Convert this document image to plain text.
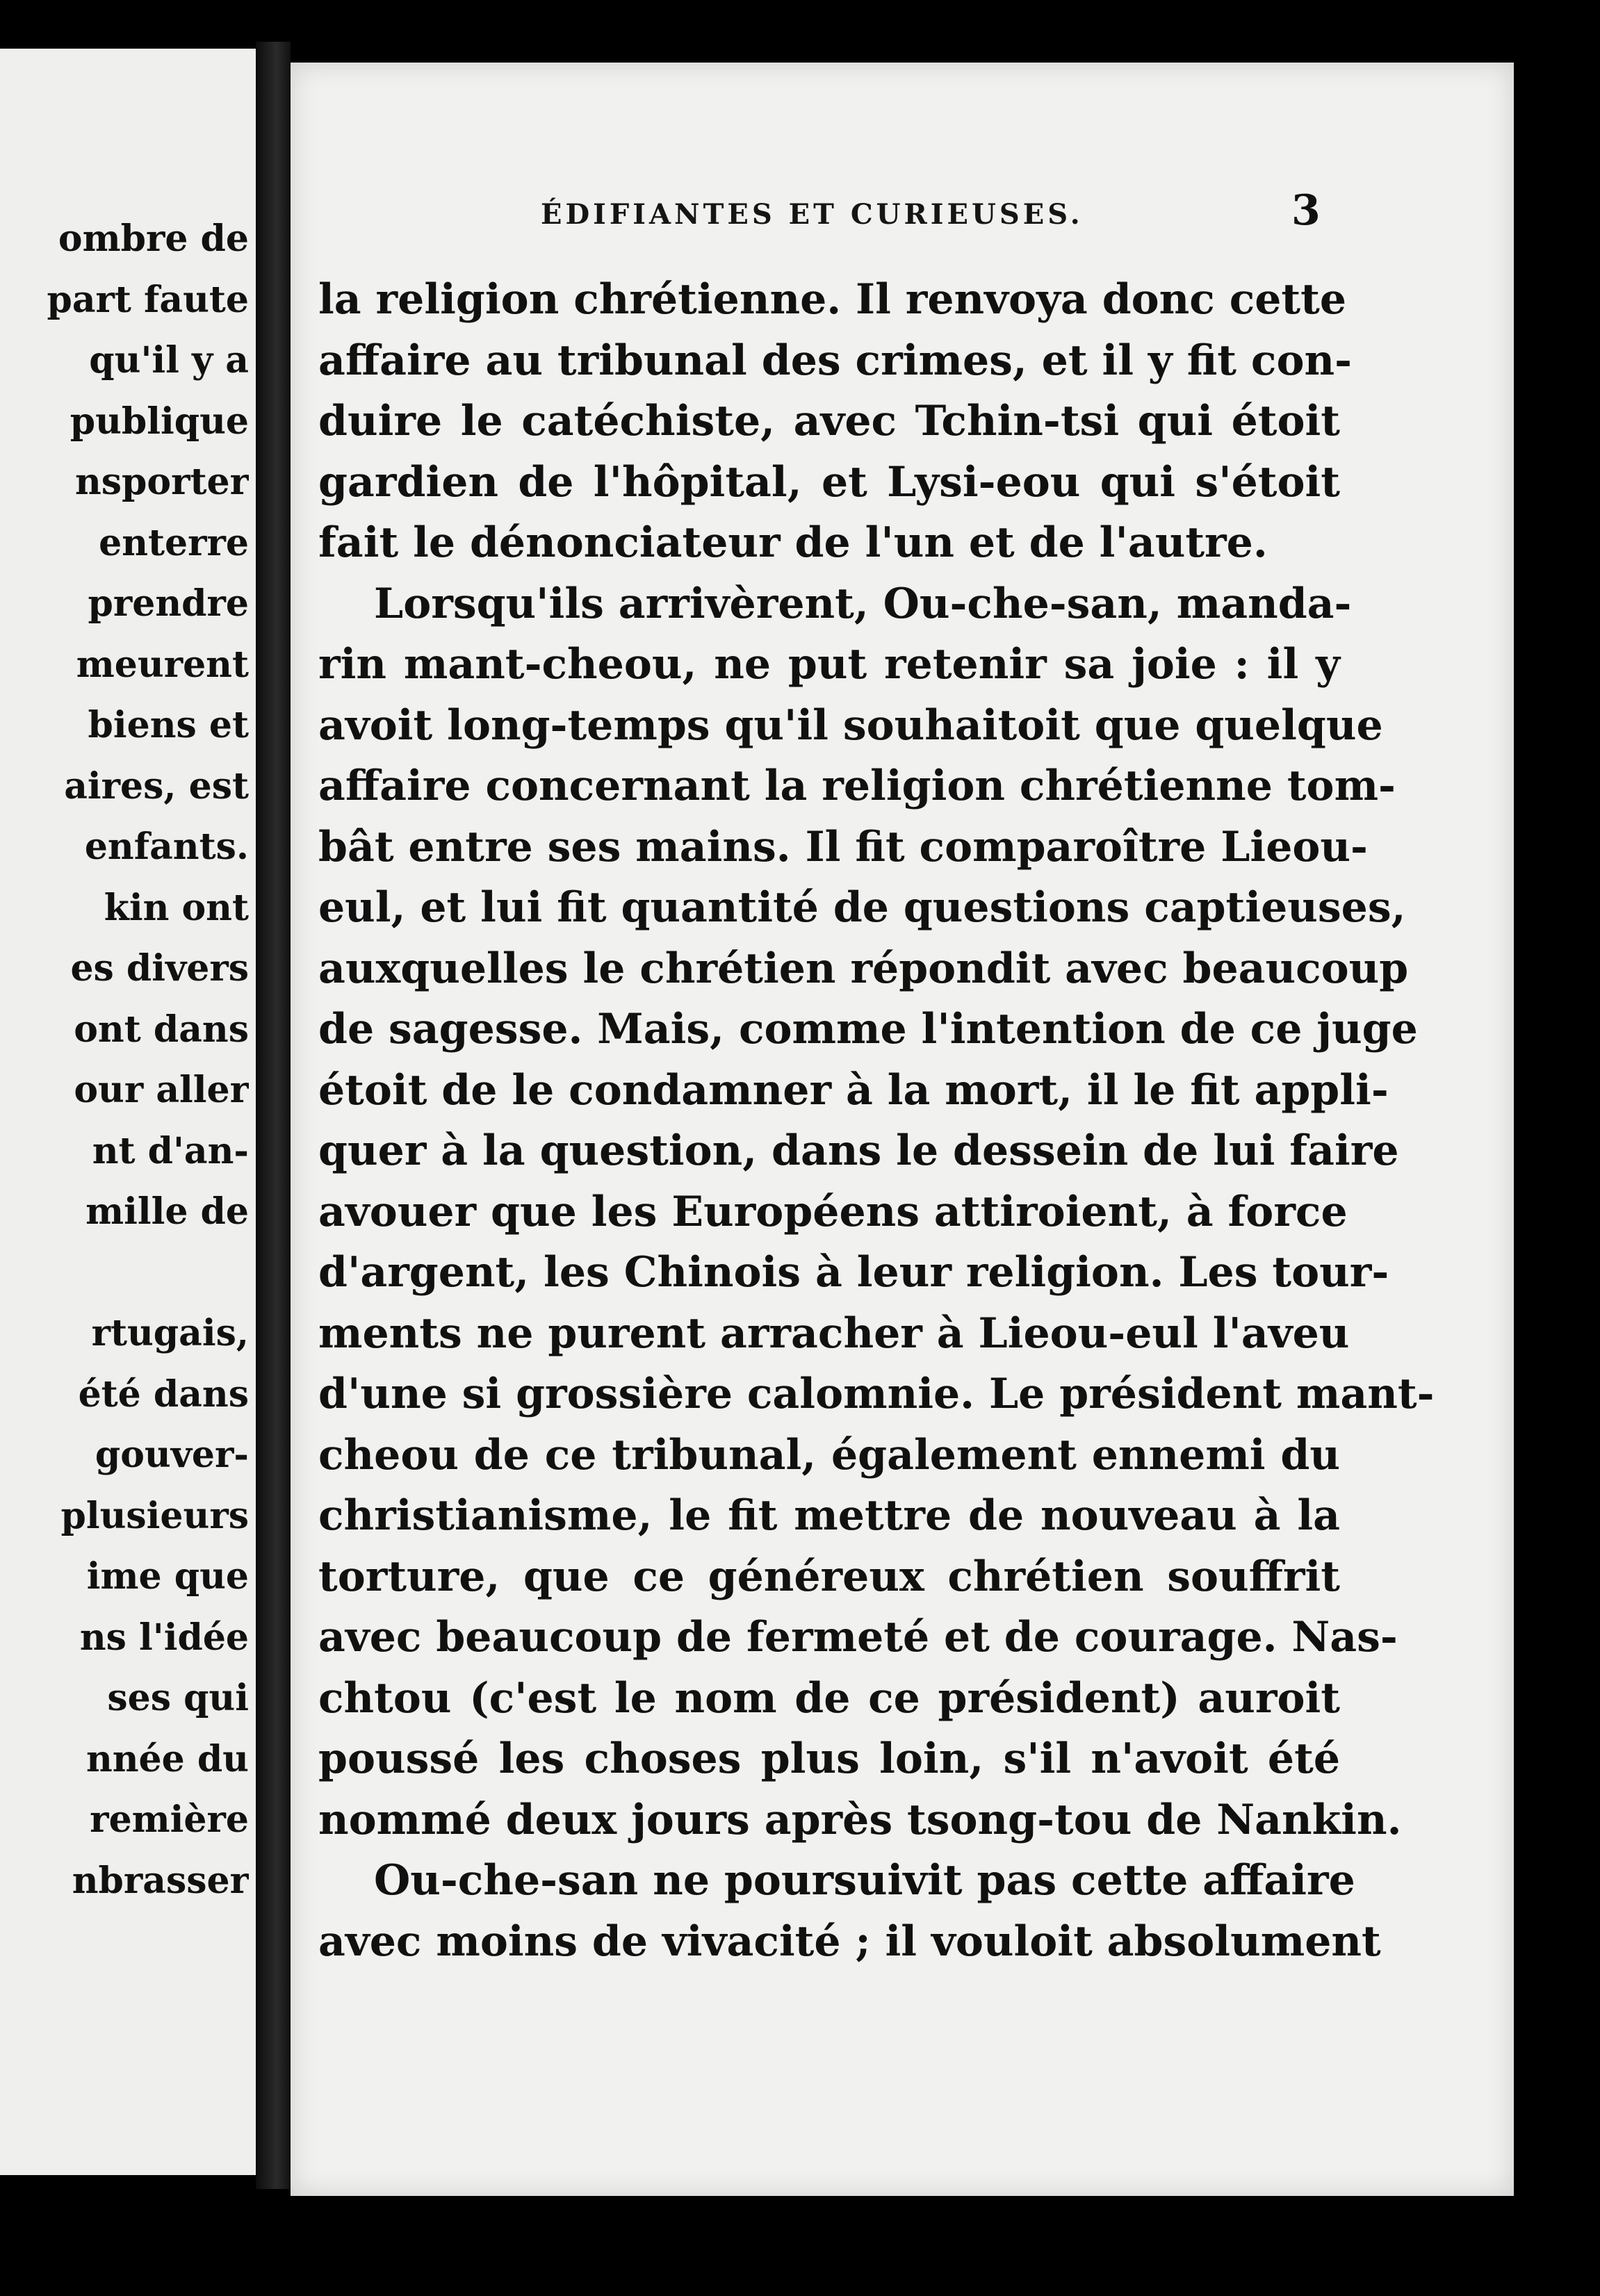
ombre de
part faute
qu'il y a
publique
nsporter
enterre
prendre
meurent
biens et
aires, est
enfants.
kin ont
es divers
ont dans
our aller
nt d'an-
mille de
rtugais,
été dans
gouver-
plusieurs
ime que
ns l'idée
ses qui
nnée du
remière
nbrasser
ÉDIFIANTES ET CURIEUSES.	3
la religion chrétienne. Il renvoya donc cette
affaire au tribunal des crimes, et il y fit con-
duire le catéchiste, avec Tchin-tsi qui étoit
gardien de l'hôpital, et Lysi-eou qui s'étoit
fait le dénonciateur de l'un et de l'autre.
Lorsqu'ils arrivèrent, Ou-che-san, manda-
rin mant-cheou, ne put retenir sa joie : il y
avoit long-temps qu'il souhaitoit que quelque
affaire concernant la religion chrétienne tom-
bât entre ses mains. Il fit comparoître Lieou-
eul, et lui fit quantité de questions captieuses,
auxquelles le chrétien répondit avec beaucoup
de sagesse. Mais, comme l'intention de ce juge
étoit de le condamner à la mort, il le fit appli-
quer à la question, dans le dessein de lui faire
avouer que les Européens attiroient, à force
d'argent, les Chinois à leur religion. Les tour-
ments ne purent arracher à Lieou-eul l'aveu
d'une si grossière calomnie. Le président mant-
cheou de ce tribunal, également ennemi du
christianisme, le fit mettre de nouveau à la
torture, que ce généreux chrétien souffrit
avec beaucoup de fermeté et de courage. Nas-
chtou (c'est le nom de ce président) auroit
poussé les choses plus loin, s'il n'avoit été
nommé deux jours après tsong-tou de Nankin.
Ou-che-san ne poursuivit pas cette affaire
avec moins de vivacité ; il vouloit absolument
